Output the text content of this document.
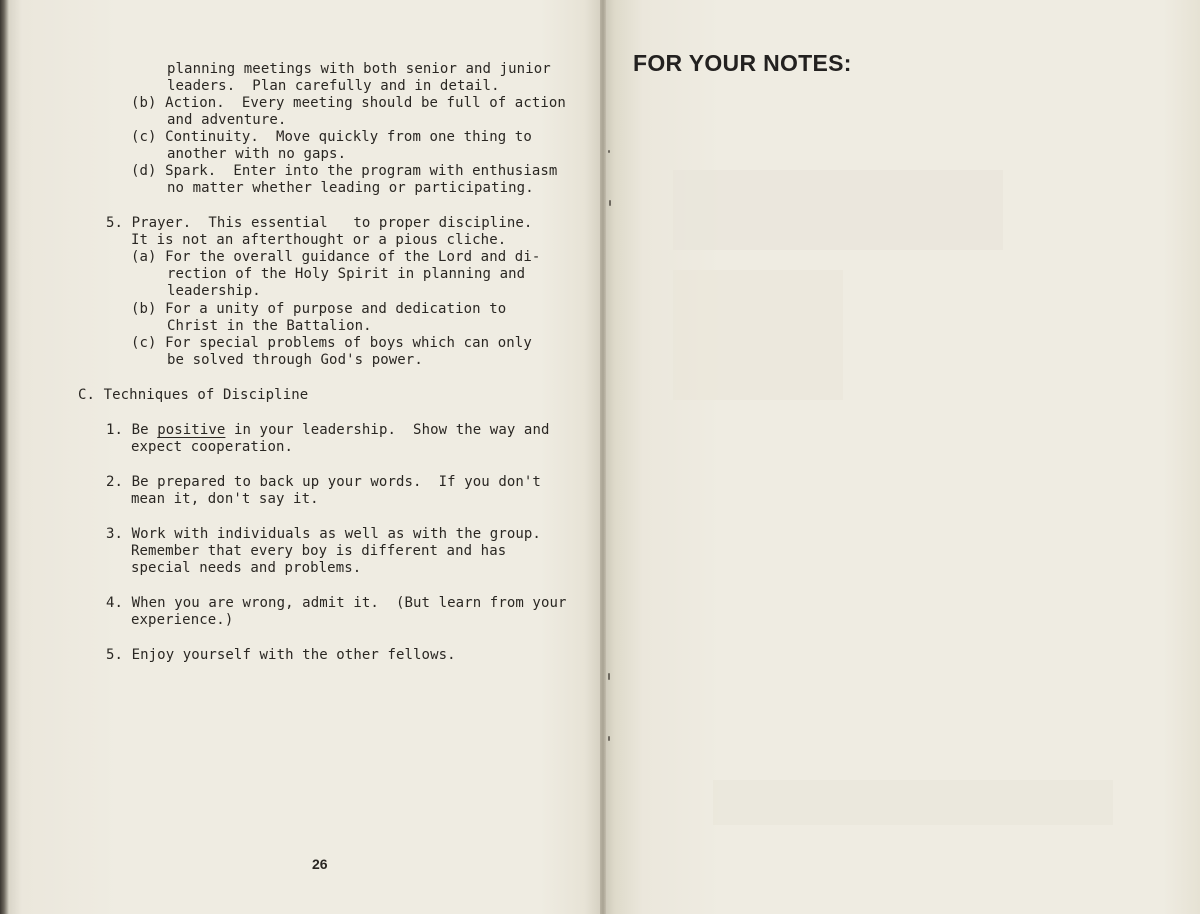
planning meetings with both senior and junior
leaders.  Plan carefully and in detail.
(b) Action.  Every meeting should be full of action
and adventure.
(c) Continuity.  Move quickly from one thing to
another with no gaps.
(d) Spark.  Enter into the program with enthusiasm
no matter whether leading or participating.
5. Prayer.  This essential   to proper discipline.
It is not an afterthought or a pious cliche.
(a) For the overall guidance of the Lord and di-
rection of the Holy Spirit in planning and
leadership.
(b) For a unity of purpose and dedication to
Christ in the Battalion.
(c) For special problems of boys which can only
be solved through God's power.
C. Techniques of Discipline
1. Be positive in your leadership.  Show the way and
expect cooperation.
2. Be prepared to back up your words.  If you don't
mean it, don't say it.
3. Work with individuals as well as with the group.
Remember that every boy is different and has
special needs and problems.
4. When you are wrong, admit it.  (But learn from your
experience.)
5. Enjoy yourself with the other fellows.
26
FOR YOUR NOTES:
